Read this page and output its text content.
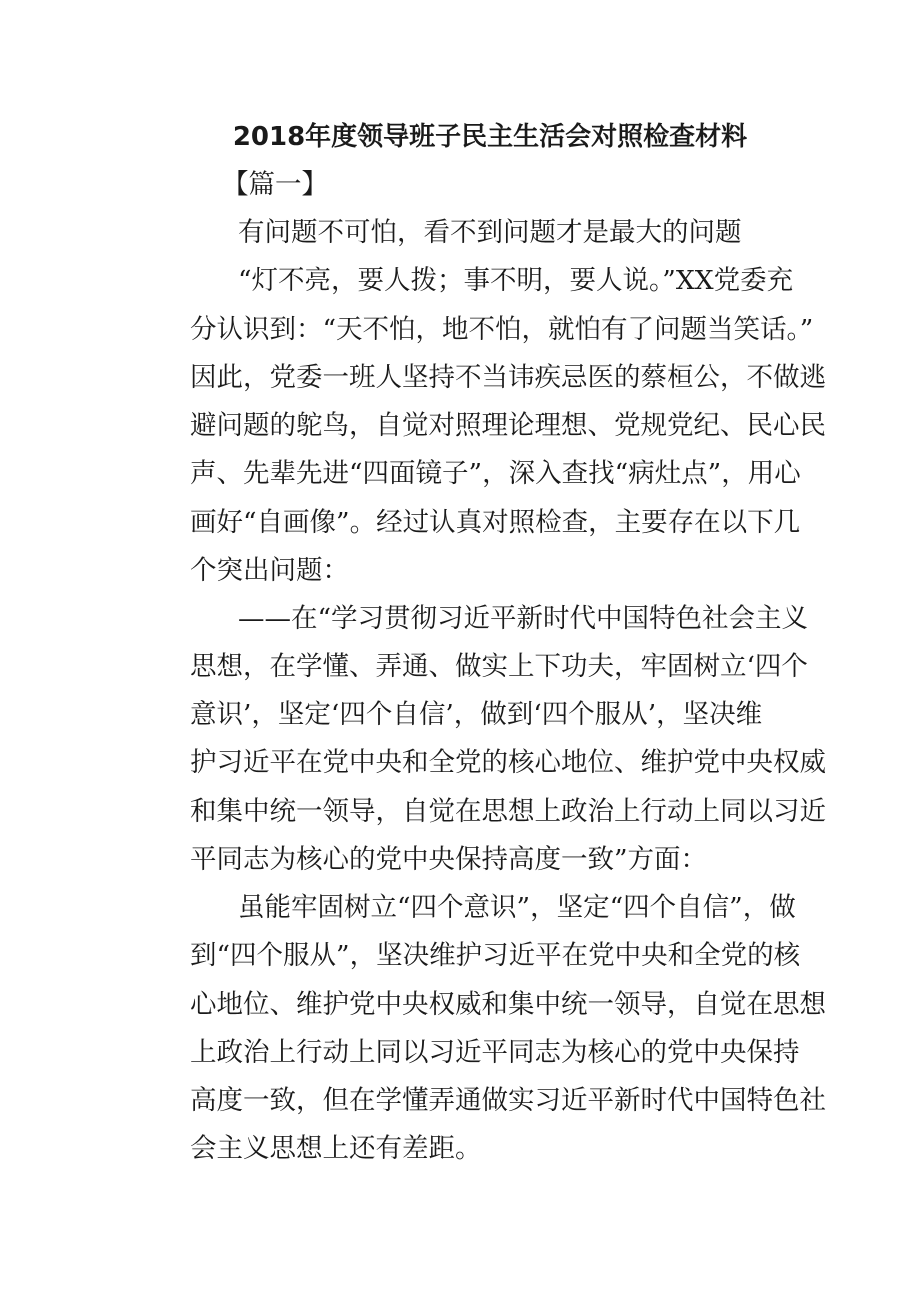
2018年度领导班子民主生活会对照检查材料
【篇一】
有问题不可怕，看不到问题才是最大的问题
“灯不亮，要人拨；事不明，要人说。”XX党委充
分认识到：“天不怕，地不怕，就怕有了问题当笑话。”
因此，党委一班人坚持不当讳疾忌医的蔡桓公，不做逃
避问题的鸵鸟，自觉对照理论理想、党规党纪、民心民
声、先辈先进“四面镜子”，深入查找“病灶点”，用心
画好“自画像”。经过认真对照检查，主要存在以下几
个突出问题：
——在“学习贯彻习近平新时代中国特色社会主义
思想，在学懂、弄通、做实上下功夫，牢固树立‘四个
意识’，坚定‘四个自信’，做到‘四个服从’，坚决维
护习近平在党中央和全党的核心地位、维护党中央权威
和集中统一领导，自觉在思想上政治上行动上同以习近
平同志为核心的党中央保持高度一致”方面：
虽能牢固树立“四个意识”，坚定“四个自信”，做
到“四个服从”，坚决维护习近平在党中央和全党的核
心地位、维护党中央权威和集中统一领导，自觉在思想
上政治上行动上同以习近平同志为核心的党中央保持
高度一致，但在学懂弄通做实习近平新时代中国特色社
会主义思想上还有差距。
